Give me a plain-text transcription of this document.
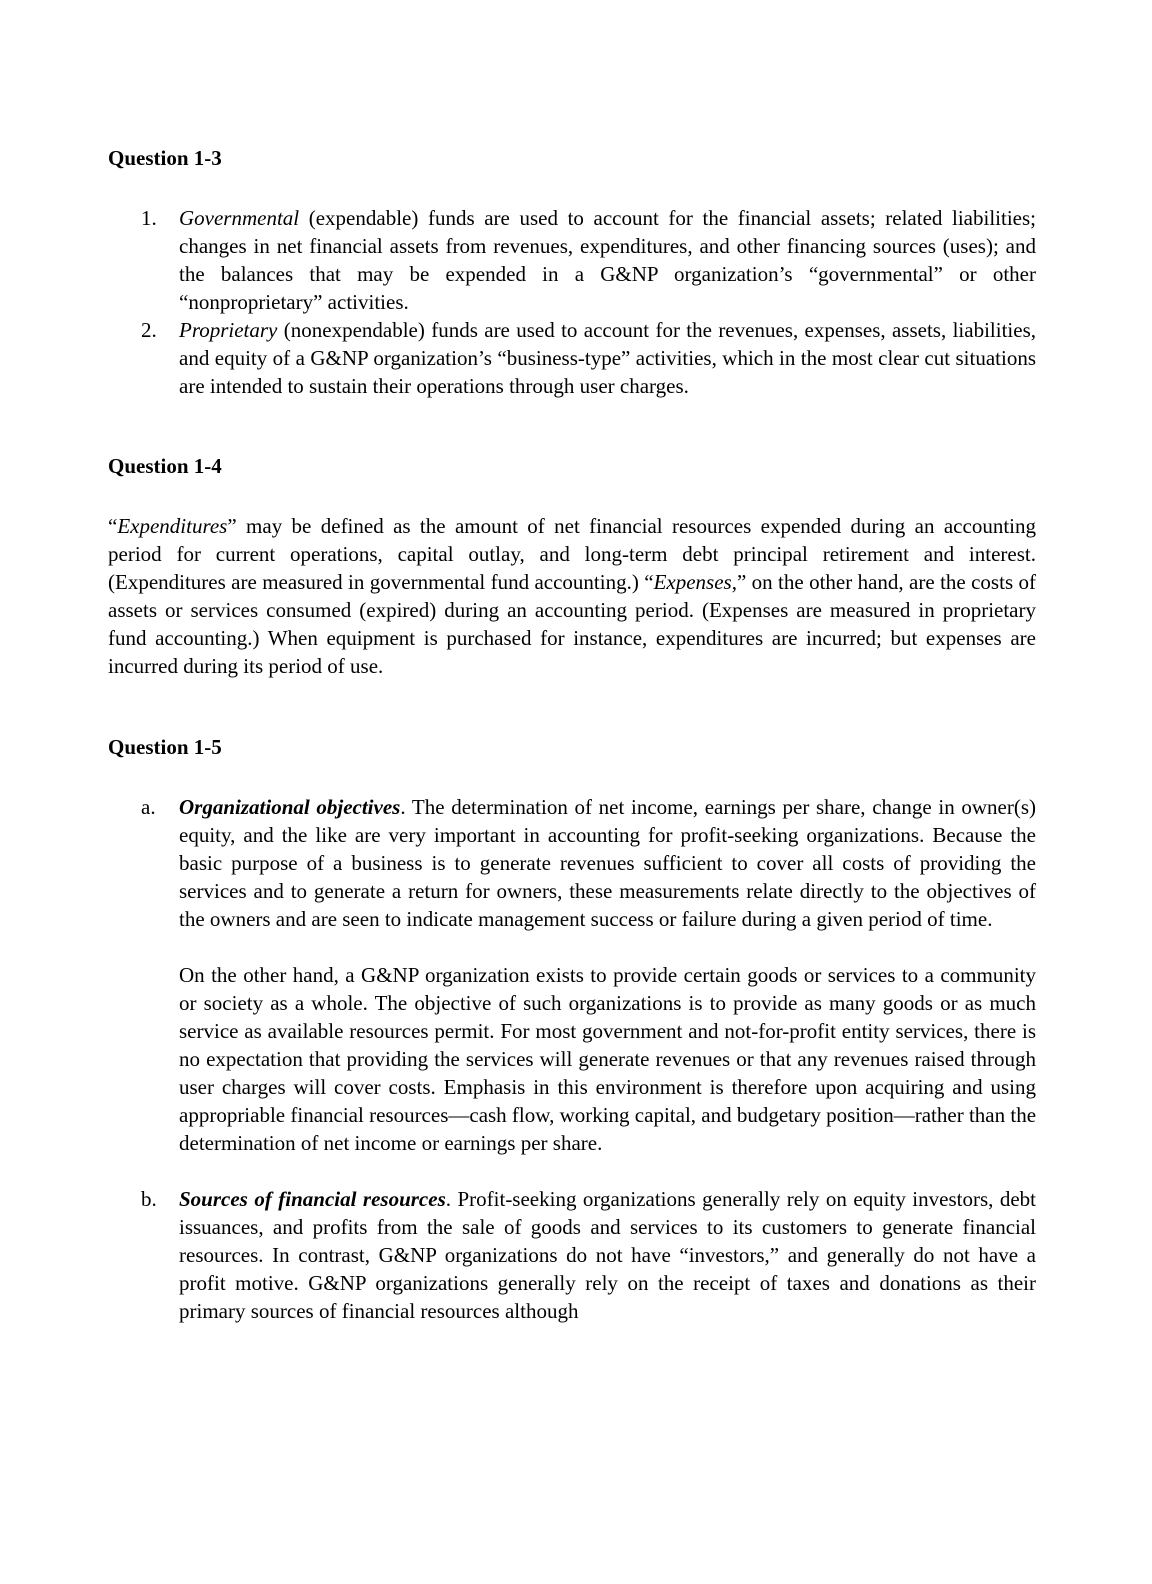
Question 1-3
1. Governmental (expendable) funds are used to account for the financial assets; related liabilities; changes in net financial assets from revenues, expenditures, and other financing sources (uses); and the balances that may be expended in a G&NP organization’s “governmental” or other “nonproprietary” activities.

2. Proprietary (nonexpendable) funds are used to account for the revenues, expenses, assets, liabilities, and equity of a G&NP organization’s “business-type” activities, which in the most clear cut situations are intended to sustain their operations through user charges.

Question 1-4

“Expenditures” may be defined as the amount of net financial resources expended during an accounting period for current operations, capital outlay, and long-term debt principal retirement and interest. (Expenditures are measured in governmental fund accounting.) “Expenses,” on the other hand, are the costs of assets or services consumed (expired) during an accounting period. (Expenses are measured in proprietary fund accounting.) When equipment is purchased for instance, expenditures are incurred; but expenses are incurred during its period of use.

Question 1-5
a. Organizational objectives. The determination of net income, earnings per share, change in owner(s) equity, and the like are very important in accounting for profit-seeking organizations. Because the basic purpose of a business is to generate revenues sufficient to cover all costs of providing the services and to generate a return for owners, these measurements relate directly to the objectives of the owners and are seen to indicate management success or failure during a given period of time.

On the other hand, a G&NP organization exists to provide certain goods or services to a community or society as a whole. The objective of such organizations is to provide as many goods or as much service as available resources permit. For most government and not-for-profit entity services, there is no expectation that providing the services will generate revenues or that any revenues raised through user charges will cover costs. Emphasis in this environment is therefore upon acquiring and using appropriable financial resources—cash flow, working capital, and budgetary position—rather than the determination of net income or earnings per share.

b. Sources of financial resources. Profit-seeking organizations generally rely on equity investors, debt issuances, and profits from the sale of goods and services to its customers to generate financial resources. In contrast, G&NP organizations do not have “investors,” and generally do not have a profit motive. G&NP organizations generally rely on the receipt of taxes and donations as their primary sources of financial resources although
